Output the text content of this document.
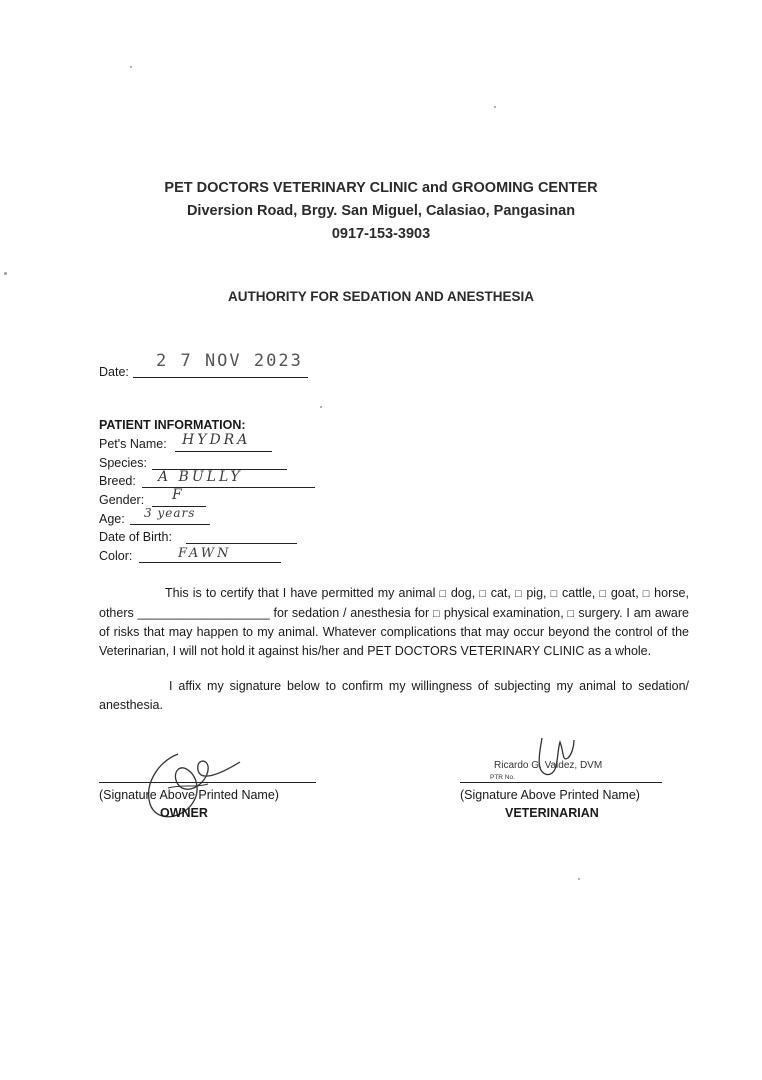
PET DOCTORS VETERINARY CLINIC and GROOMING CENTER
Diversion Road, Brgy. San Miguel, Calasiao, Pangasinan
0917-153-3903
AUTHORITY FOR SEDATION AND ANESTHESIA
Date:
2 7 NOV 2023
PATIENT INFORMATION:
Pet's Name: HYDRA
Species:
Breed: A BULLY
Gender: F
Age: 3 years
Date of Birth:
Color:	FAWN
This is to certify that I have permitted my animal □ dog, □ cat, □ pig, □ cattle, □ goat, □ horse, others ___________________ for sedation / anesthesia for □ physical examination, □ surgery. I am aware of risks that may happen to my animal. Whatever complications that may occur beyond the control of the Veterinarian, I will not hold it against his/her and PET DOCTORS VETERINARY CLINIC as a whole.
I affix my signature below to confirm my willingness of subjecting my animal to sedation/ anesthesia.
(Signature Above Printed Name)
OWNER
Ricardo G. Valdez, DVM
PTR No.
(Signature Above Printed Name)
VETERINARIAN
